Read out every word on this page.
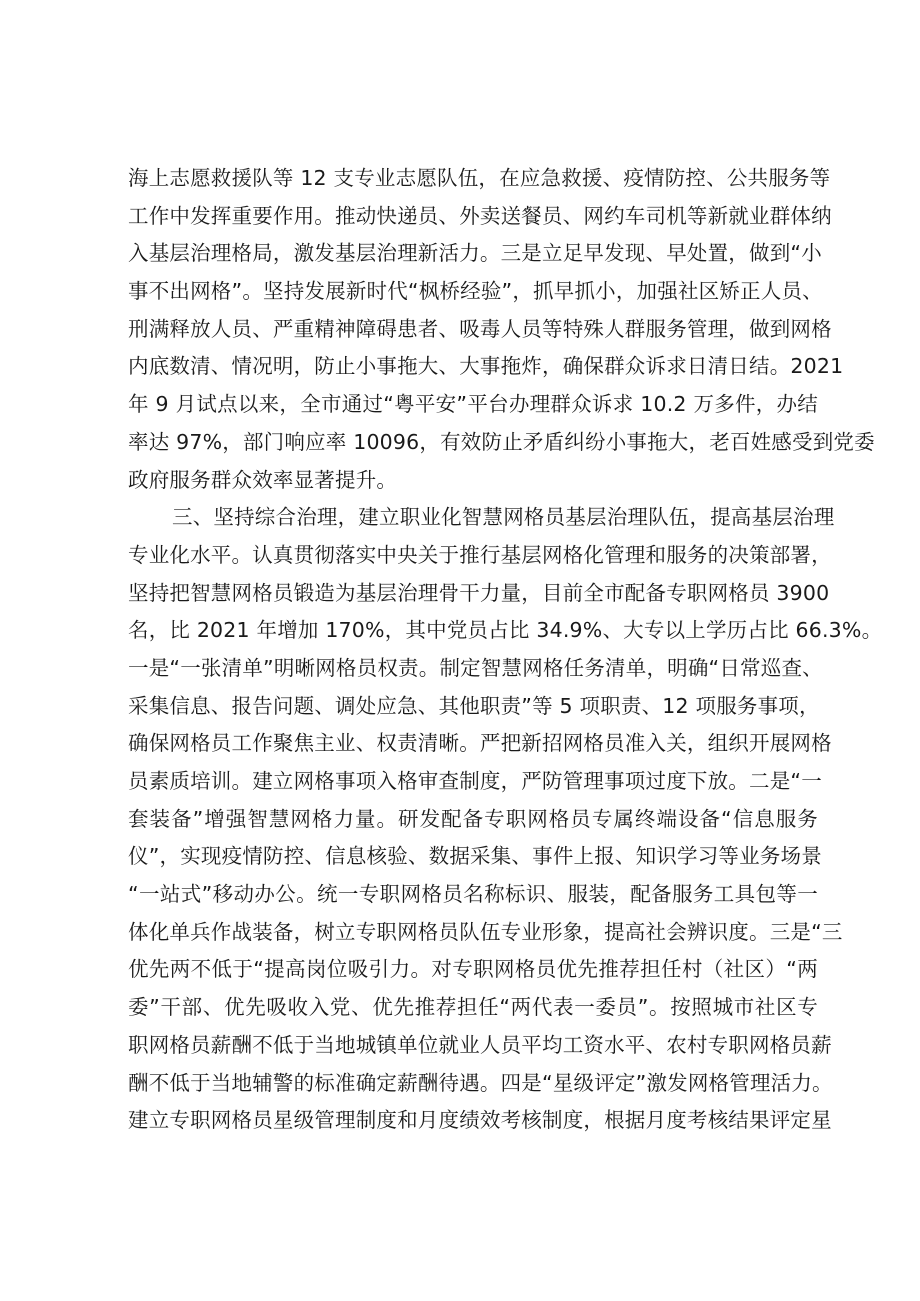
海上志愿救援队等 12 支专业志愿队伍，在应急救援、疫情防控、公共服务等
工作中发挥重要作用。推动快递员、外卖送餐员、网约车司机等新就业群体纳
入基层治理格局，激发基层治理新活力。三是立足早发现、早处置，做到“小
事不出网格”。坚持发展新时代“枫桥经验”，抓早抓小，加强社区矫正人员、
刑满释放人员、严重精神障碍患者、吸毒人员等特殊人群服务管理，做到网格
内底数清、情况明，防止小事拖大、大事拖炸，确保群众诉求日清日结。2021
年 9 月试点以来，全市通过“粤平安”平台办理群众诉求 10.2 万多件，办结
率达 97%，部门响应率 10096，有效防止矛盾纠纷小事拖大，老百姓感受到党委
政府服务群众效率显著提升。
三、坚持综合治理，建立职业化智慧网格员基层治理队伍，提高基层治理
专业化水平。认真贯彻落实中央关于推行基层网格化管理和服务的决策部署，
坚持把智慧网格员锻造为基层治理骨干力量，目前全市配备专职网格员 3900
名，比 2021 年增加 170%，其中党员占比 34.9%、大专以上学历占比 66.3%。
一是“一张清单”明晰网格员权责。制定智慧网格任务清单，明确“日常巡查、
采集信息、报告问题、调处应急、其他职责”等 5 项职责、12 项服务事项，
确保网格员工作聚焦主业、权责清晰。严把新招网格员准入关，组织开展网格
员素质培训。建立网格事项入格审查制度，严防管理事项过度下放。二是“一
套装备”增强智慧网格力量。研发配备专职网格员专属终端设备“信息服务
仪”，实现疫情防控、信息核验、数据采集、事件上报、知识学习等业务场景
“一站式”移动办公。统一专职网格员名称标识、服装，配备服务工具包等一
体化单兵作战装备，树立专职网格员队伍专业形象，提高社会辨识度。三是“三
优先两不低于“提高岗位吸引力。对专职网格员优先推荐担任村（社区）“两
委”干部、优先吸收入党、优先推荐担任“两代表一委员”。按照城市社区专
职网格员薪酬不低于当地城镇单位就业人员平均工资水平、农村专职网格员薪
酬不低于当地辅警的标准确定薪酬待遇。四是“星级评定”激发网格管理活力。
建立专职网格员星级管理制度和月度绩效考核制度，根据月度考核结果评定星
